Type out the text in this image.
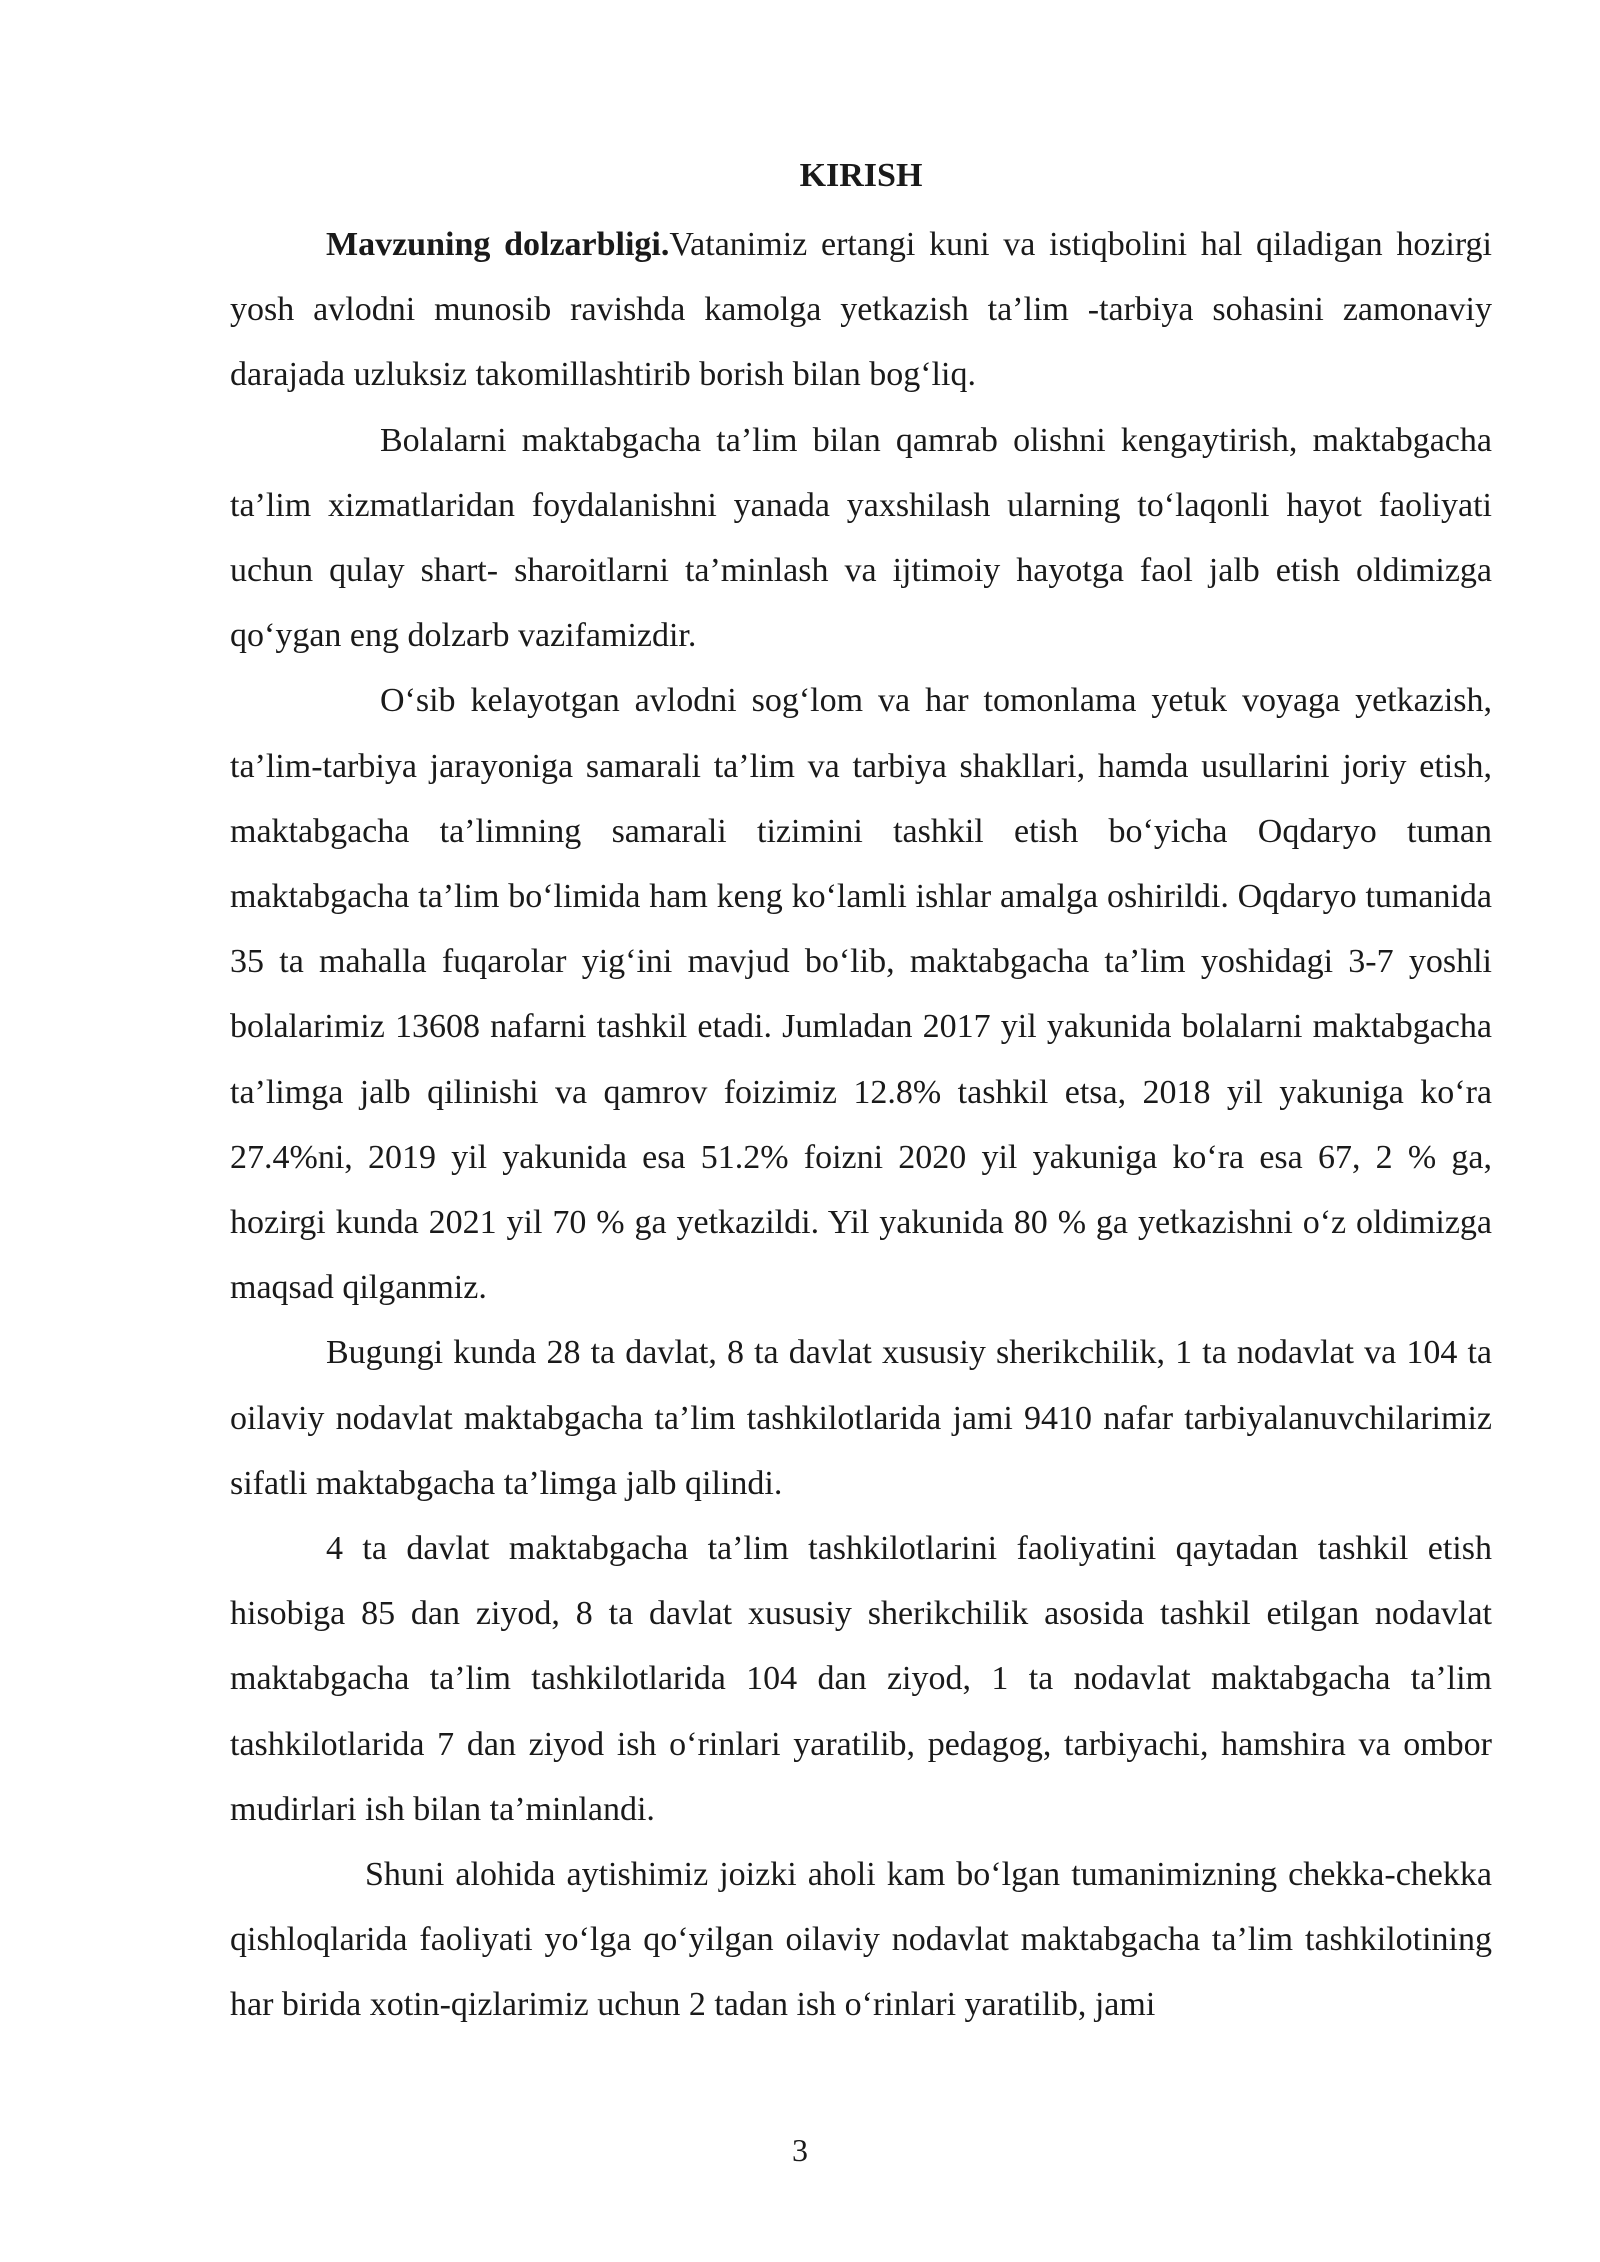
KIRISH

Mavzuning dolzarbligi.Vatanimiz ertangi kuni va istiqbolini hal qiladigan hozirgi yosh avlodni munosib ravishda kamolga yetkazish ta’lim -tarbiya sohasini zamonaviy darajada uzluksiz takomillashtirib borish bilan bog‘liq.

Bolalarni maktabgacha ta’lim bilan qamrab olishni kengaytirish, maktabgacha ta’lim xizmatlaridan foydalanishni yanada yaxshilash ularning to‘laqonli hayot faoliyati uchun qulay shart- sharoitlarni ta’minlash va ijtimoiy hayotga faol jalb etish oldimizga qo‘ygan eng dolzarb vazifamizdir.

O‘sib kelayotgan avlodni sog‘lom va har tomonlama yetuk voyaga yetkazish, ta’lim-tarbiya jarayoniga samarali ta’lim va tarbiya shakllari, hamda usullarini joriy etish, maktabgacha ta’limning samarali tizimini tashkil etish bo‘yicha Oqdaryo tuman maktabgacha ta’lim bo‘limida ham keng ko‘lamli ishlar amalga oshirildi. Oqdaryo tumanida 35 ta mahalla fuqarolar yig‘ini mavjud bo‘lib, maktabgacha ta’lim yoshidagi 3-7 yoshli bolalarimiz 13608 nafarni tashkil etadi. Jumladan 2017 yil yakunida bolalarni maktabgacha ta’limga jalb qilinishi va qamrov foizimiz 12.8% tashkil etsa, 2018 yil yakuniga ko‘ra 27.4%ni, 2019 yil yakunida esa 51.2% foizni 2020 yil yakuniga ko‘ra esa 67, 2 % ga, hozirgi kunda 2021 yil 70 % ga yetkazildi. Yil yakunida 80 % ga yetkazishni o‘z oldimizga maqsad qilganmiz.

Bugungi kunda 28 ta davlat, 8 ta davlat xususiy sherikchilik, 1 ta nodavlat va 104 ta oilaviy nodavlat maktabgacha ta’lim tashkilotlarida jami 9410 nafar tarbiyalanuvchilarimiz sifatli maktabgacha ta’limga jalb qilindi.

4 ta davlat maktabgacha ta’lim tashkilotlarini faoliyatini qaytadan tashkil etish hisobiga 85 dan ziyod, 8 ta davlat xususiy sherikchilik asosida tashkil etilgan nodavlat maktabgacha ta’lim tashkilotlarida 104 dan ziyod, 1 ta nodavlat maktabgacha ta’lim tashkilotlarida 7 dan ziyod ish o‘rinlari yaratilib, pedagog, tarbiyachi, hamshira va ombor mudirlari ish bilan ta’minlandi.

Shuni alohida aytishimiz joizki aholi kam bo‘lgan tumanimizning chekka-chekka qishloqlarida faoliyati yo‘lga qo‘yilgan oilaviy nodavlat maktabgacha ta’lim tashkilotining har birida xotin-qizlarimiz uchun 2 tadan ish o‘rinlari yaratilib, jami

3
